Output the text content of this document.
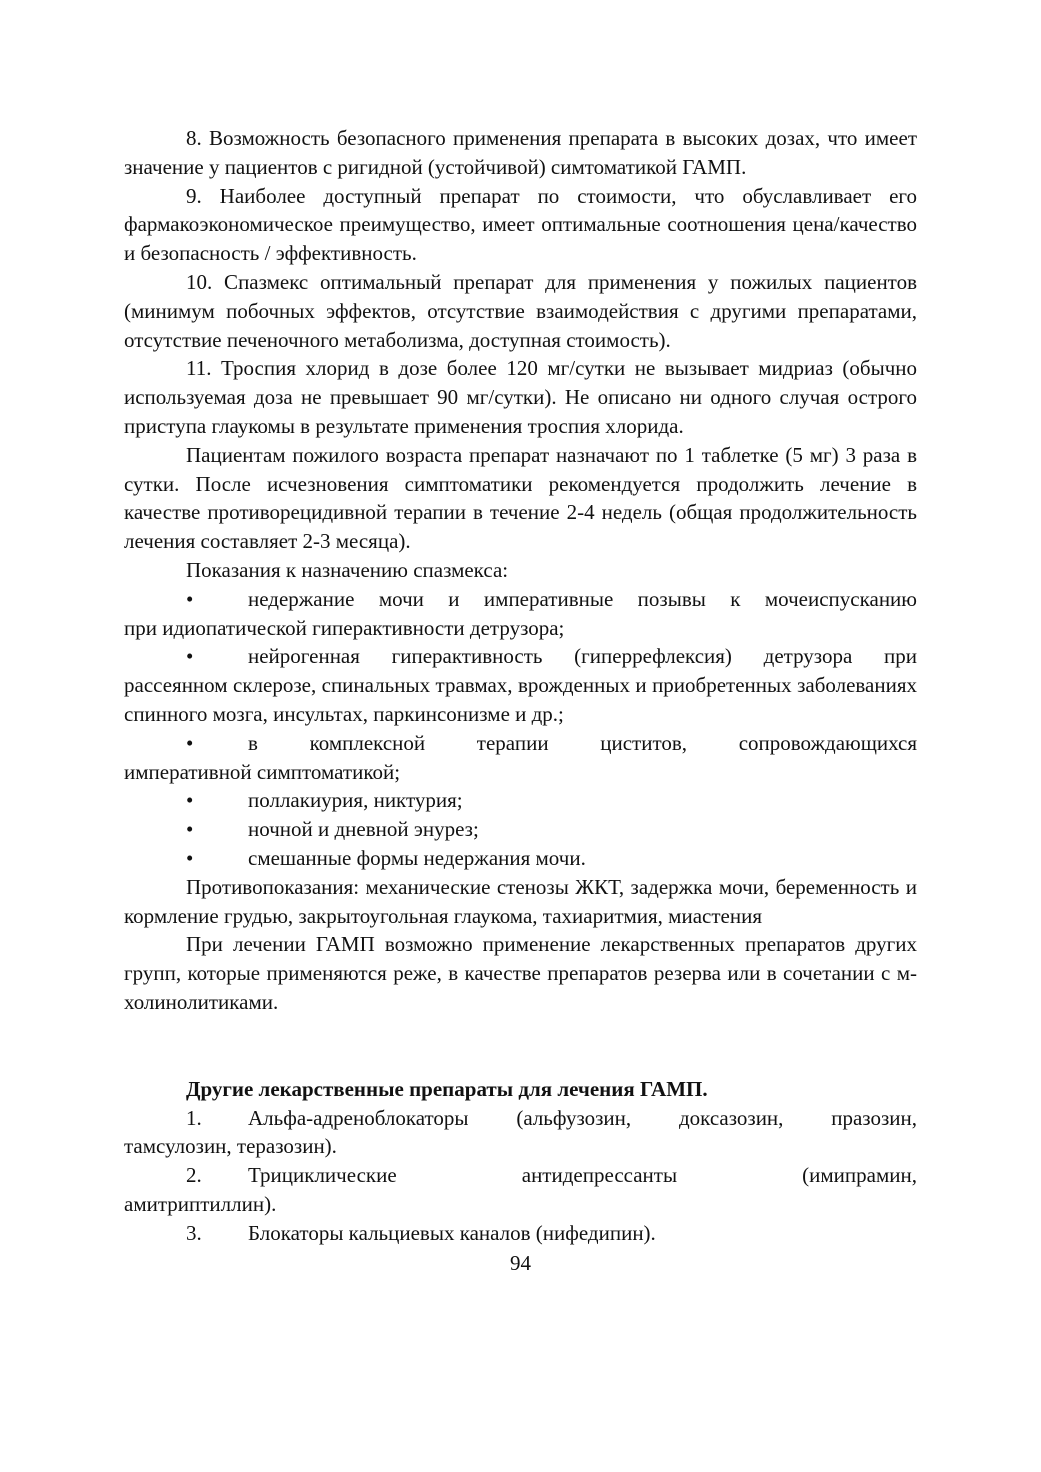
8. Возможность безопасного применения препарата в высоких дозах, что имеет значение у пациентов с ригидной (устойчивой) симтоматикой ГАМП.

9. Наиболее доступный препарат по стоимости, что обуславливает его фармакоэкономическое преимущество, имеет оптимальные соотношения цена/качество и безопасность / эффективность.

10. Спазмекс оптимальный препарат для применения у пожилых пациентов (минимум побочных эффектов, отсутствие взаимодействия с другими препаратами, отсутствие печеночного метаболизма, доступная стоимость).

11. Троспия хлорид в дозе более 120 мг/сутки не вызывает мидриаз (обычно используемая доза не превышает 90 мг/сутки). Не описано ни одного случая острого приступа глаукомы в результате применения троспия хлорида.

Пациентам пожилого возраста препарат назначают по 1 таблетке (5 мг) 3 раза в сутки. После исчезновения симптоматики рекомендуется продолжить лечение в качестве противорецидивной терапии в течение 2-4 недель (общая продолжительность лечения составляет 2-3 месяца).

Показания к назначению спазмекса:

•	недержание мочи и императивные позывы к мочеиспусканию
при идиопатической гиперактивности детрузора;
•	нейрогенная гиперактивность (гиперрефлексия) детрузора при
рассеянном склерозе, спинальных травмах, врожденных и приобретенных заболеваниях спинного мозга, инсультах, паркинсонизме и др.;
•	в комплексной терапии циститов, сопровождающихся
императивной симптоматикой;
•	поллакиурия, никтурия;
•	ночной и дневной энурез;
•	смешанные формы недержания мочи.

Противопоказания: механические стенозы ЖКТ, задержка мочи, беременность и кормление грудью, закрытоугольная глаукома, тахиаритмия, миастения

При лечении ГАМП возможно применение лекарственных препаратов других групп, которые применяются реже, в качестве препаратов резерва или в сочетании с м-холинолитиками.

Другие лекарственные препараты для лечения ГАМП.

1.	Альфа-адреноблокаторы (альфузозин, доксазозин, празозин,
тамсулозин, теразозин).
2.	Трициклические антидепрессанты (имипрамин,
амитриптиллин).
3.	Блокаторы кальциевых каналов (нифедипин).
94
